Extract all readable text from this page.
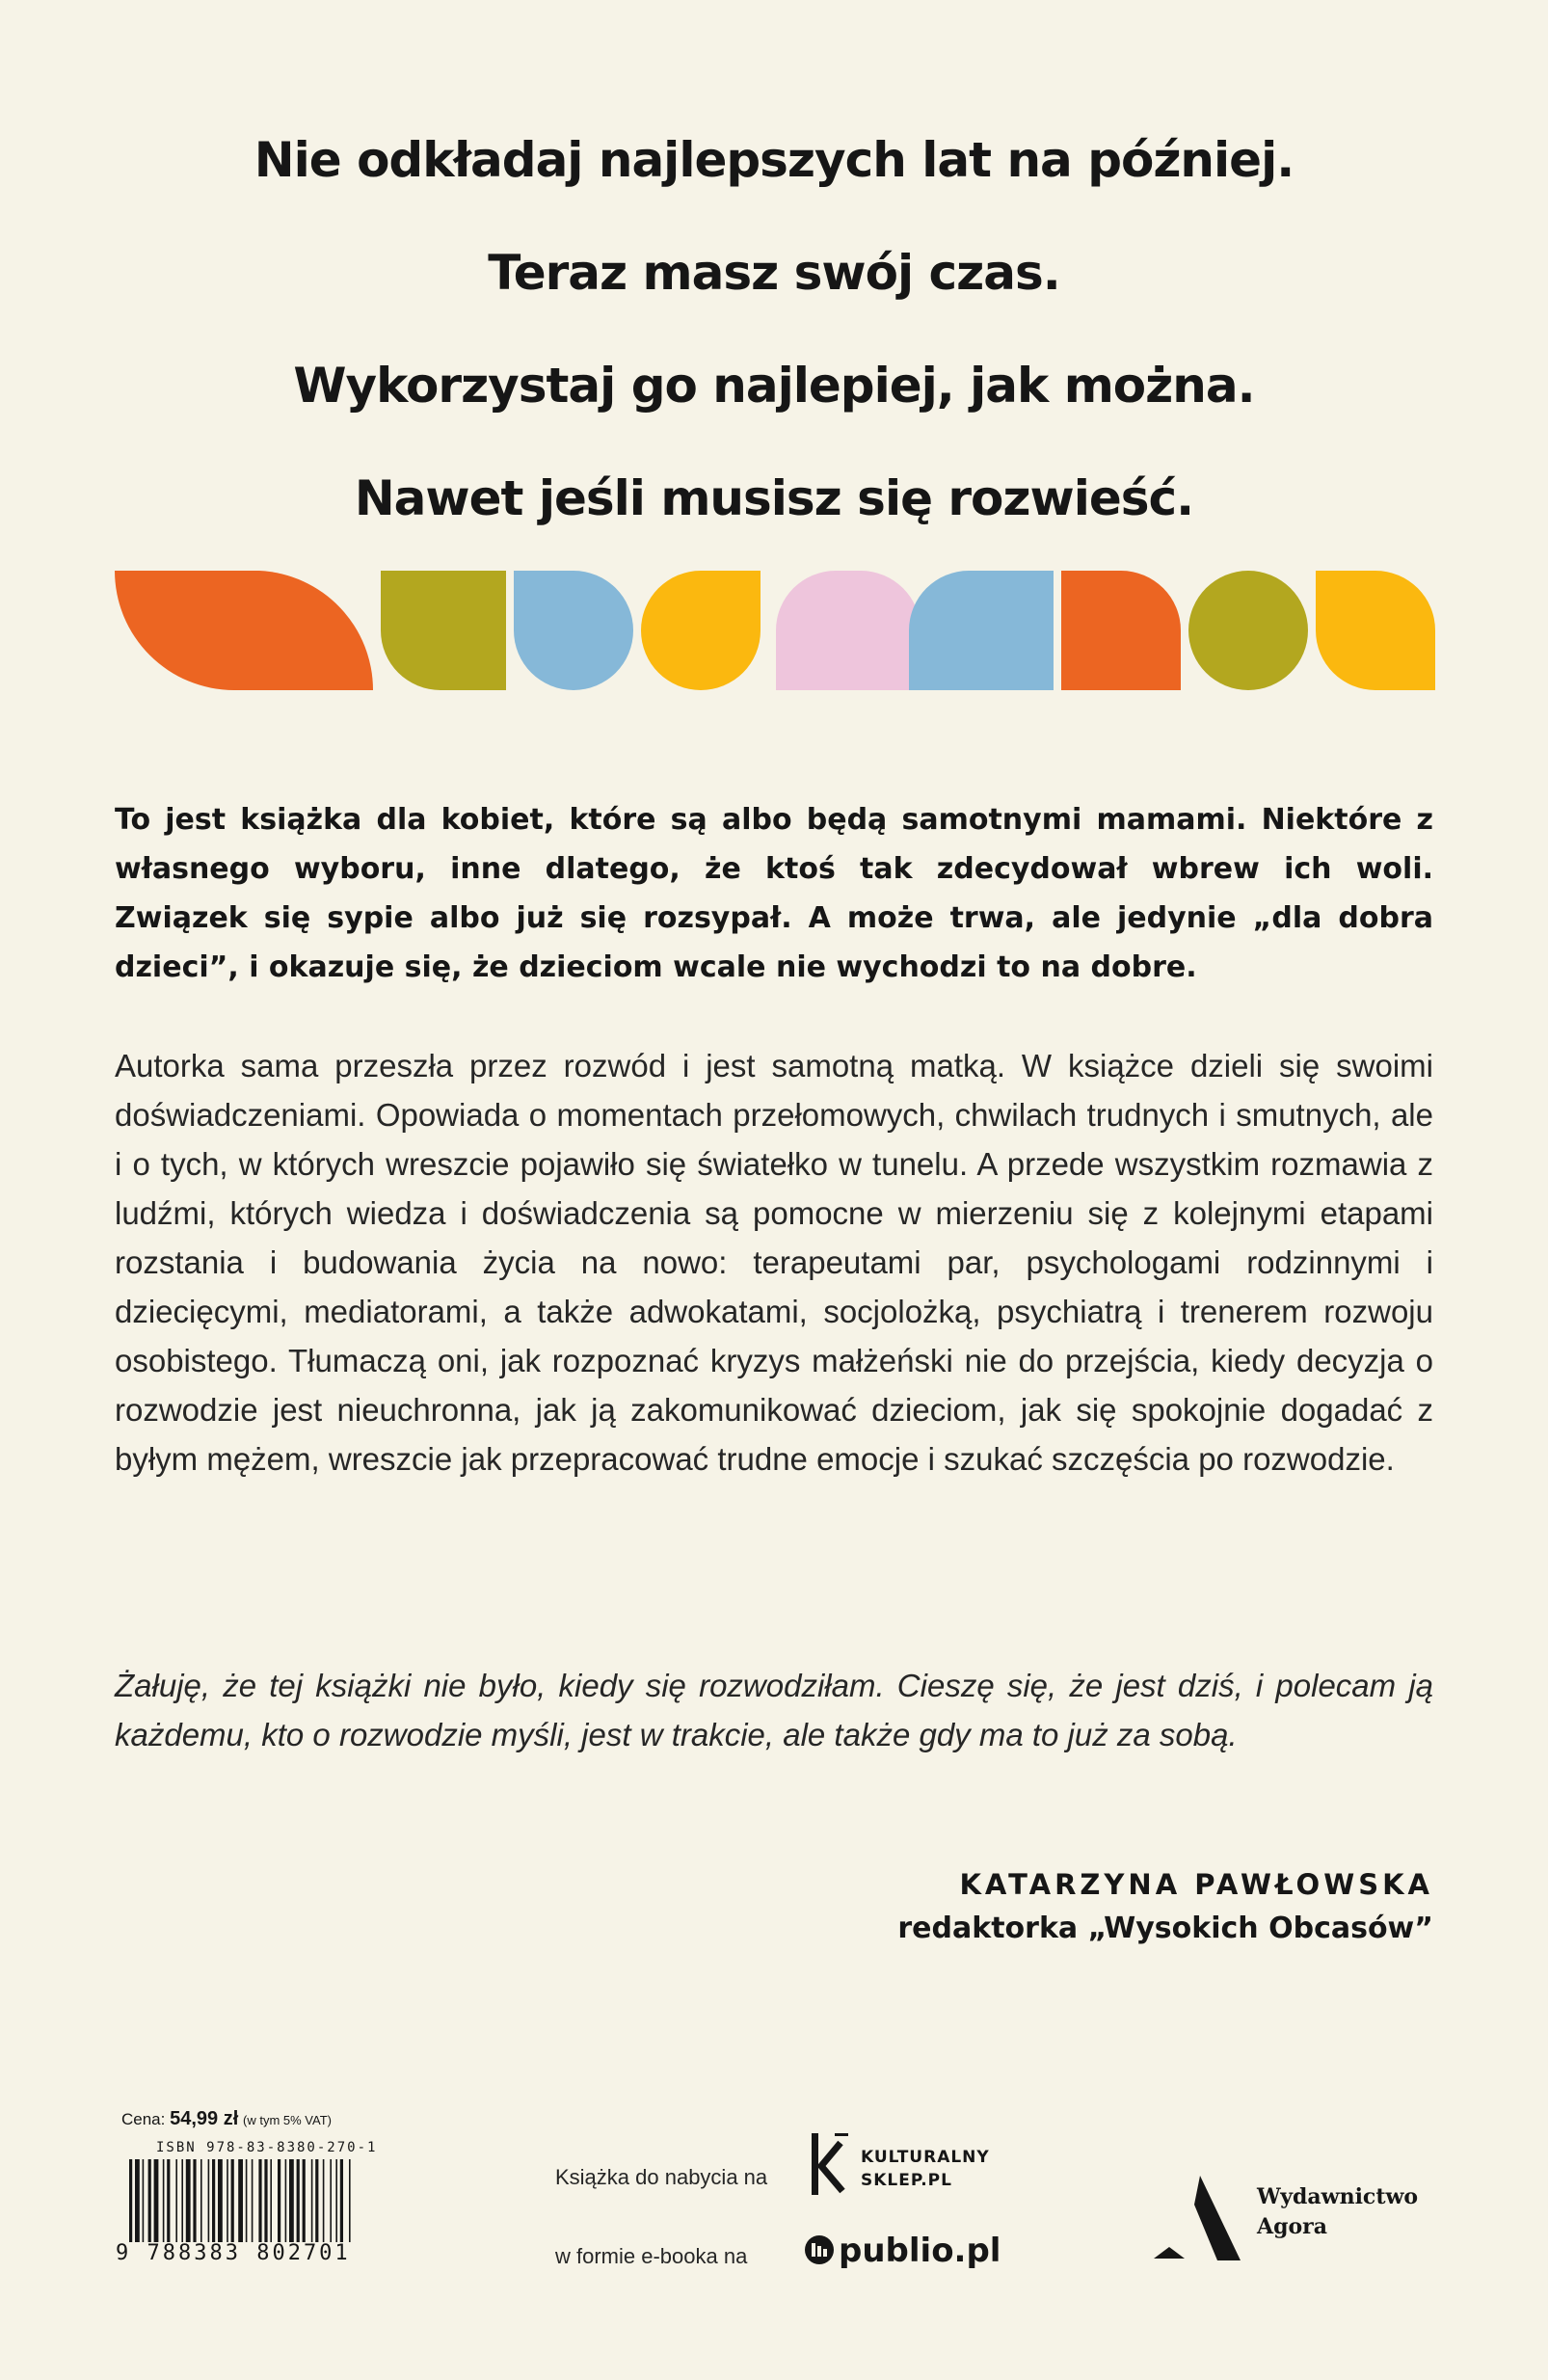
Nie odkładaj najlepszych lat na później.
Teraz masz swój czas.
Wykorzystaj go najlepiej, jak można.
Nawet jeśli musisz się rozwieść.

To jest książka dla kobiet, które są albo będą samotnymi mamami. Niektóre z własnego wyboru, inne dlatego, że ktoś tak zdecydował wbrew ich woli. Związek się sypie albo już się rozsypał. A może trwa, ale jedynie „dla dobra dzieci”, i okazuje się, że dzieciom wcale nie wychodzi to na dobre.

Autorka sama przeszła przez rozwód i jest samotną matką. W książce dzieli się swoimi doświadczeniami. Opowiada o momentach przełomowych, chwilach trudnych i smutnych, ale i o tych, w których wreszcie pojawiło się światełko w tunelu. A przede wszystkim rozmawia z ludźmi, których wiedza i doświadczenia są pomocne w mierzeniu się z kolejnymi etapami rozstania i budowania życia na nowo: terapeutami par, psychologami rodzinnymi i dziecięcymi, mediatorami, a także adwokatami, socjolożką, psychiatrą i trenerem rozwoju osobistego. Tłumaczą oni, jak rozpoznać kryzys małżeński nie do przejścia, kiedy decyzja o rozwodzie jest nieuchronna, jak ją zakomunikować dzieciom, jak się spokojnie dogadać z byłym mężem, wreszcie jak przepracować trudne emocje i szukać szczęścia po rozwodzie.

Żałuję, że tej książki nie było, kiedy się rozwodziłam. Cieszę się, że jest dziś, i polecam ją każdemu, kto o rozwodzie myśli, jest w trakcie, ale także gdy ma to już za sobą.

KATARZYNA PAWŁOWSKA
redaktorka „Wysokich Obcasów”
Cena: 54,99 zł (w tym 5% VAT)
ISBN 978-83-8380-270-1
9 788383 802701
Książka do nabycia na
KULTURALNY
SKLEP.PL
w formie e-booka na	publio.pl
Wydawnictwo
Agora
